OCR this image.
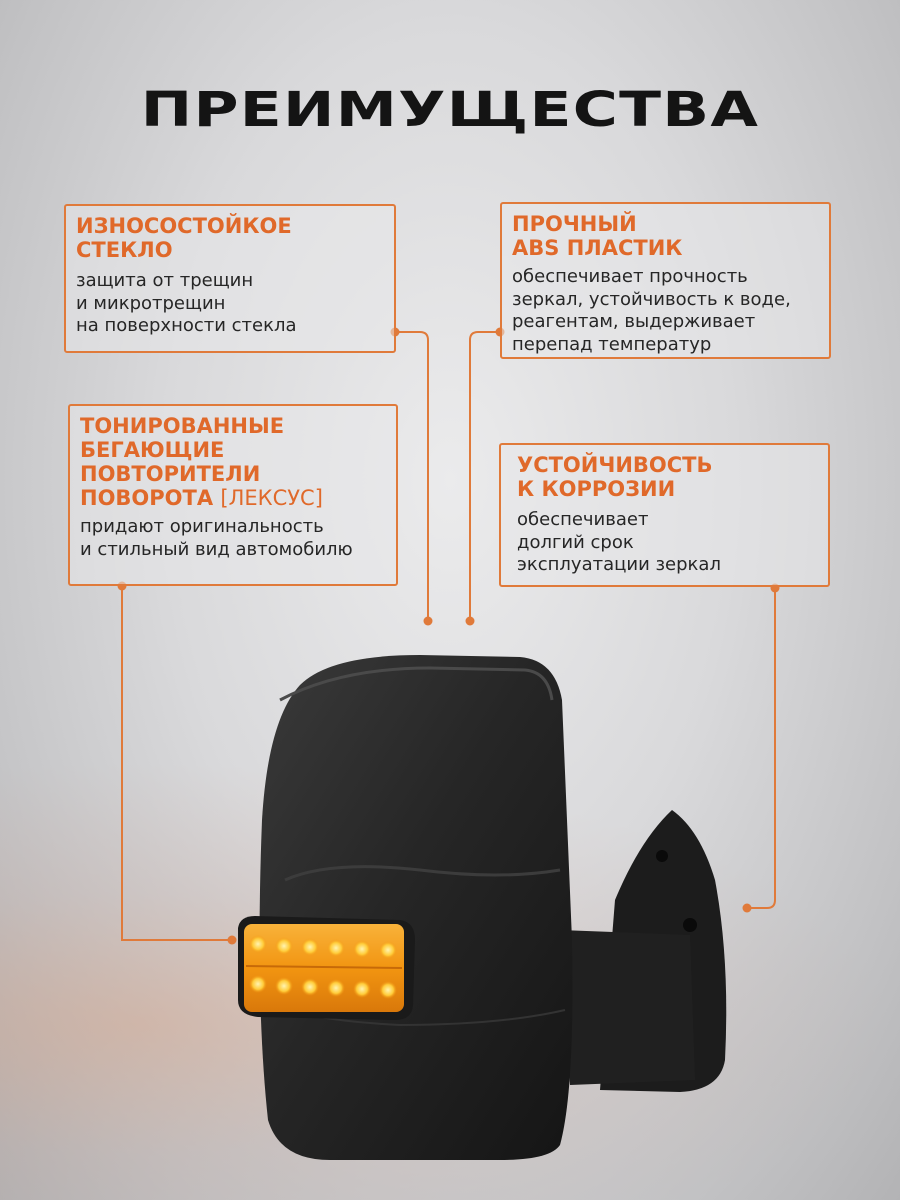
ПРЕИМУЩЕСТВА
ИЗНОСОСТОЙКОЕ
СТЕКЛО
защита от трещин
и микротрещин
на поверхности стекла
ПРОЧНЫЙ
ABS ПЛАСТИК
обеспечивает прочность
зеркал, устойчивость к воде,
реагентам, выдерживает
перепад температур
ТОНИРОВАННЫЕ
БЕГАЮЩИЕ
ПОВТОРИТЕЛИ
ПОВОРОТА [ЛЕКСУС]
придают оригинальность
и стильный вид автомобилю
УСТОЙЧИВОСТЬ
К КОРРОЗИИ
обеспечивает
долгий срок
эксплуатации зеркал
